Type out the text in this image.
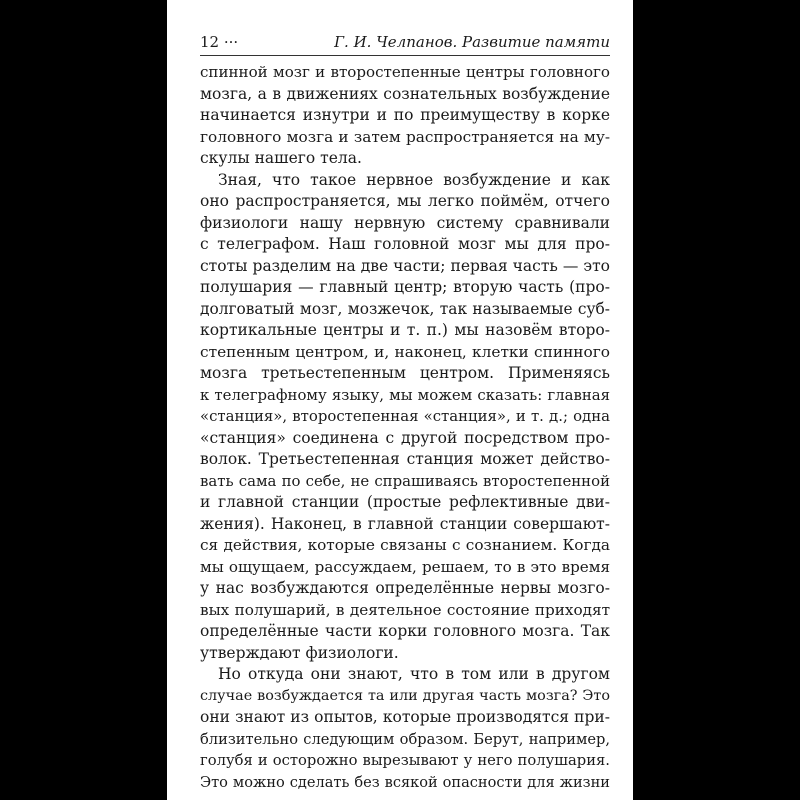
12 ···	Г. И. Челпанов. Развитие памяти
спинной мозг и второстепенные центры головного
мозга, а в движениях сознательных возбуждение
начинается изнутри и по преимуществу в корке
головного мозга и затем распространяется на му-
скулы нашего тела.
Зная, что такое нервное возбуждение и как
оно распространяется, мы легко поймём, отчего
физиологи нашу нервную систему сравнивали
с телеграфом. Наш головной мозг мы для про-
стоты разделим на две части; первая часть — это
полушария — главный центр; вторую часть (про-
долговатый мозг, мозжечок, так называемые суб-
кортикальные центры и т. п.) мы назовём второ-
степенным центром, и, наконец, клетки спинного
мозга третьестепенным центром. Применяясь
к телеграфному языку, мы можем сказать: главная
«станция», второстепенная «станция», и т. д.; одна
«станция» соединена с другой посредством про-
волок. Третьестепенная станция может действо-
вать сама по себе, не спрашиваясь второстепенной
и главной станции (простые рефлективные дви-
жения). Наконец, в главной станции совершают-
ся действия, которые связаны с сознанием. Когда
мы ощущаем, рассуждаем, решаем, то в это время
у нас возбуждаются определённые нервы мозго-
вых полушарий, в деятельное состояние приходят
определённые части корки головного мозга. Так
утверждают физиологи.
Но откуда они знают, что в том или в другом
случае возбуждается та или другая часть мозга? Это
они знают из опытов, которые производятся при-
близительно следующим образом. Берут, например,
голубя и осторожно вырезывают у него полушария.
Это можно сделать без всякой опасности для жизни
